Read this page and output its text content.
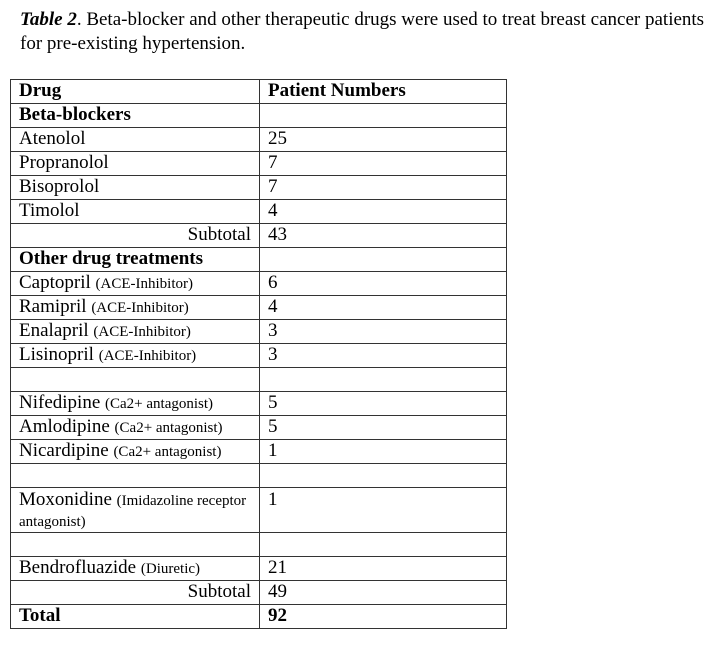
Table 2. Beta-blocker and other therapeutic drugs were used to treat breast cancer patients for pre-existing hypertension.
Drug	Patient Numbers
Beta-blockers	
Atenolol	25
Propranolol	7
Bisoprolol	7
Timolol	4
Subtotal	43
Other drug treatments	
Captopril (ACE-Inhibitor)	6
Ramipril (ACE-Inhibitor)	4
Enalapril (ACE-Inhibitor)	3
Lisinopril (ACE-Inhibitor)	3

Nifedipine (Ca2+ antagonist)	5
Amlodipine (Ca2+ antagonist)	5
Nicardipine (Ca2+ antagonist)	1

Moxonidine (Imidazoline receptor antagonist)	1

Bendrofluazide (Diuretic)	21
Subtotal	49
Total	92
